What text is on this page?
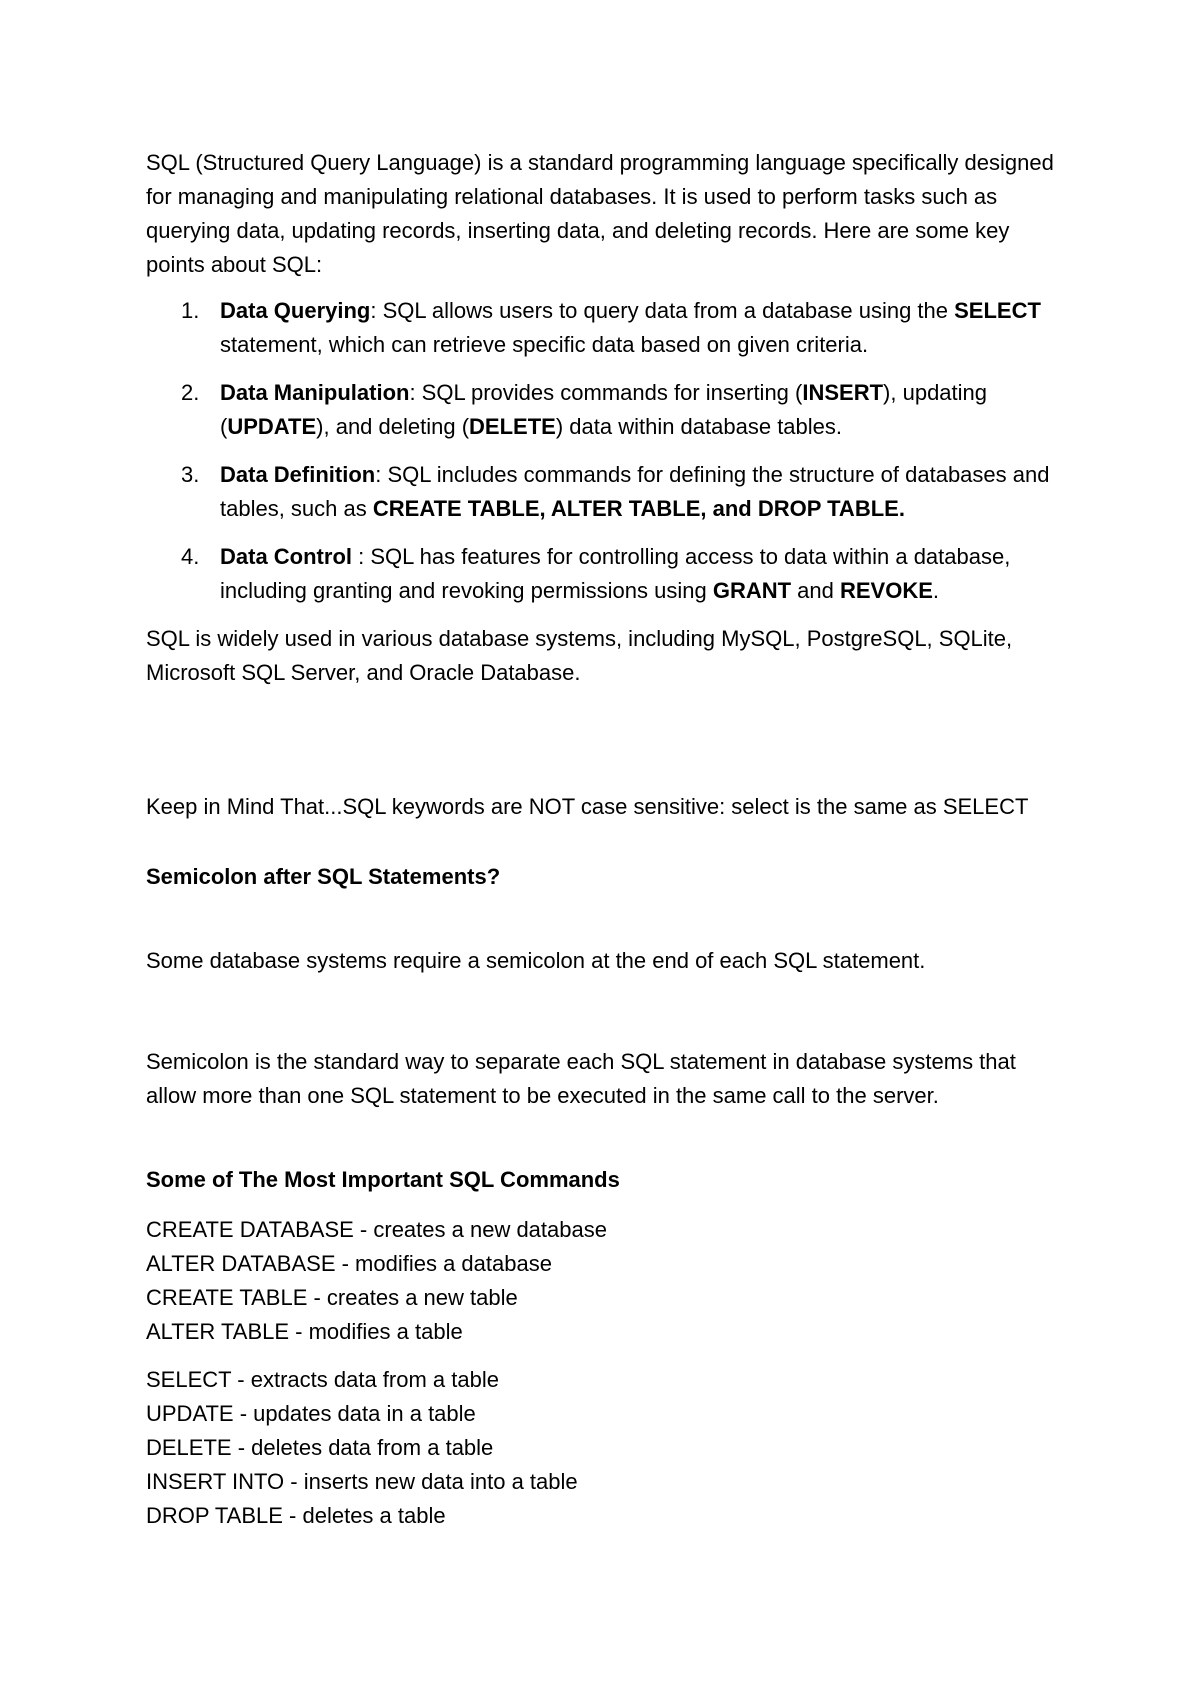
SQL (Structured Query Language) is a standard programming language specifically designed for managing and manipulating relational databases. It is used to perform tasks such as querying data, updating records, inserting data, and deleting records. Here are some key points about SQL:

1. Data Querying: SQL allows users to query data from a database using the SELECT statement, which can retrieve specific data based on given criteria.
2. Data Manipulation: SQL provides commands for inserting (INSERT), updating (UPDATE), and deleting (DELETE) data within database tables.
3. Data Definition: SQL includes commands for defining the structure of databases and tables, such as CREATE TABLE, ALTER TABLE, and DROP TABLE.
4. Data Control : SQL has features for controlling access to data within a database, including granting and revoking permissions using GRANT and REVOKE.

SQL is widely used in various database systems, including MySQL, PostgreSQL, SQLite, Microsoft SQL Server, and Oracle Database.

Keep in Mind That...SQL keywords are NOT case sensitive: select is the same as SELECT

Semicolon after SQL Statements?

Some database systems require a semicolon at the end of each SQL statement.

Semicolon is the standard way to separate each SQL statement in database systems that allow more than one SQL statement to be executed in the same call to the server.

Some of The Most Important SQL Commands

CREATE DATABASE - creates a new database
ALTER DATABASE - modifies a database
CREATE TABLE - creates a new table
ALTER TABLE - modifies a table
SELECT - extracts data from a table
UPDATE - updates data in a table
DELETE - deletes data from a table
INSERT INTO - inserts new data into a table
DROP TABLE - deletes a table
